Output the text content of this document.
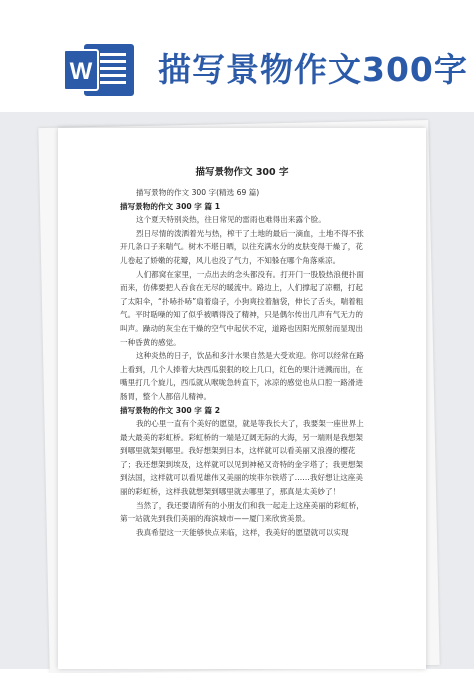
W 描写景物作文300字
描写景物作文 300 字

描写景物的作文 300 字(精选 69 篇)

描写景物的作文 300 字 篇 1

这个夏天特别炎热，往日常见的雷雨也难得出来露个脸。

烈日尽情的泼洒着光与热，榨干了土地的最后一滴血，土地不得不张开几条口子来喘气。树木不堪日晒，以往充满水分的皮肤变得干燥了，花儿卷起了娇嫩的花瓣，风儿也没了气力，不知躲在哪个角落乘凉。

人们都窝在家里，一点出去的念头都没有。打开门一股股热浪便扑面而来，仿佛要把人吞食在无尽的暖流中。路边上，人们撑起了凉棚，打起了太阳伞，“扑哧扑哧”扇着扇子，小狗爽拉着脑袋，伸长了舌头，喘着粗气。平时聒噪的知了似乎被晒得没了精神，只是偶尔传出几声有气无力的叫声。躁动的灰尘在干燥的空气中起伏不定，道路也因阳光照射而显现出一种昏黄的感觉。

这种炎热的日子，饮品和多汁水果自然是大受欢迎。你可以经常在路上看到，几个人捧着大块西瓜狠狠的咬上几口，红色的果汁迸溅而出，在嘴里打几个旋儿，西瓜就从喉咙急转直下，冰凉的感觉也从口腔一路滑进肠胃，整个人都倍儿精神。

描写景物的作文 300 字 篇 2

我的心里一直有个美好的愿望，就是等我长大了，我要架一座世界上最大最美的彩虹桥。彩虹桥的一端是辽阔无际的大海，另一端则是我想架到哪里就架到哪里。我好想架到日本，这样就可以看美丽又浪漫的樱花了；我还想架到埃及，这样就可以见到神秘又奇特的金字塔了；我更想架到法国，这样就可以看见雄伟又美丽的埃菲尔铁塔了……我好想让这座美丽的彩虹桥，这样我就想架到哪里就去哪里了，那真是太美妙了！

当然了，我还要请所有的小朋友们和我一起走上这座美丽的彩虹桥，第一站就先到我们美丽的海滨城市——厦门来欣赏美景。

我真希望这一天能够快点来临，这样，我美好的愿望就可以实现
